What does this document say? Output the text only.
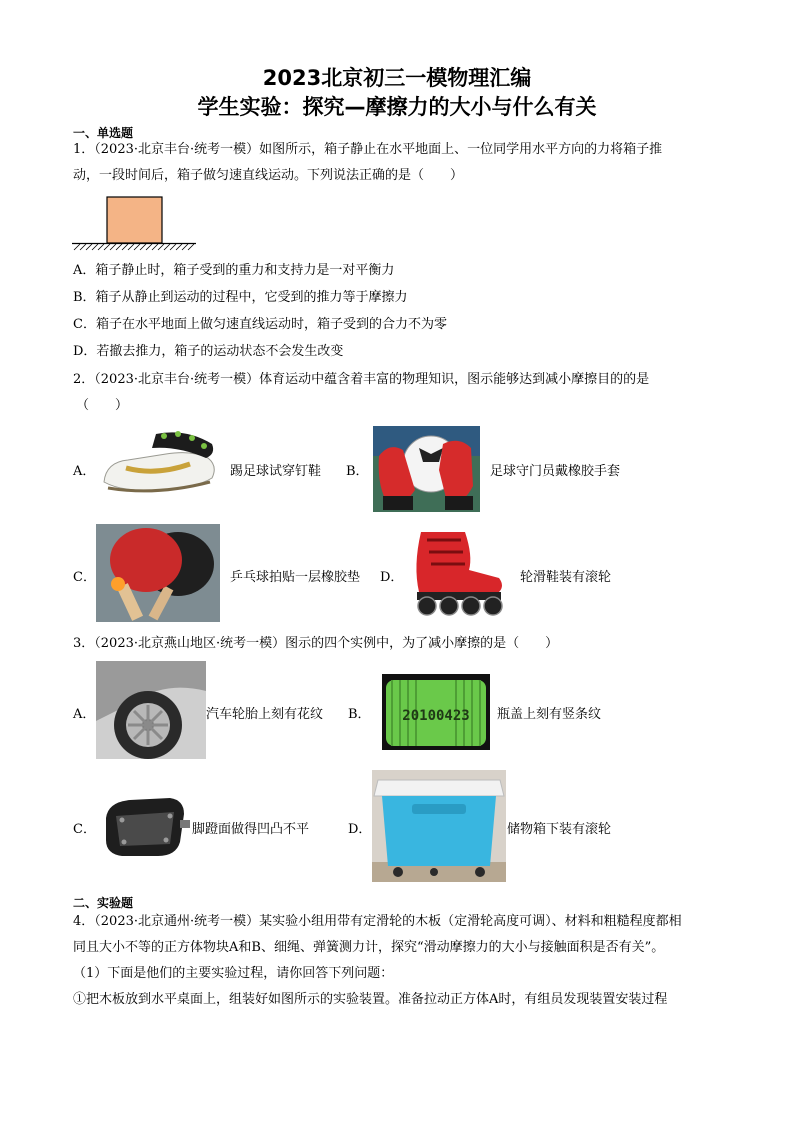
2023北京初三一模物理汇编
学生实验：探究—摩擦力的大小与什么有关
一、单选题
1．（2023·北京丰台·统考一模）如图所示，箱子静止在水平地面上、一位同学用水平方向的力将箱子推
动，一段时间后，箱子做匀速直线运动。下列说法正确的是（　　）
A．箱子静止时，箱子受到的重力和支持力是一对平衡力
B．箱子从静止到运动的过程中，它受到的推力等于摩擦力
C．箱子在水平地面上做匀速直线运动时，箱子受到的合力不为零
D．若撤去推力，箱子的运动状态不会发生改变
2．（2023·北京丰台·统考一模）体育运动中蕴含着丰富的物理知识，图示能够达到减小摩擦目的的是
（　　）
A．	踢足球试穿钉鞋 B．	足球守门员戴橡胶手套
C．	乒乓球拍贴一层橡胶垫 D．	轮滑鞋装有滚轮
3．（2023·北京燕山地区·统考一模）图示的四个实例中，为了减小摩擦的是（　　）
A．	汽车轮胎上刻有花纹 B． 20100423 瓶盖上刻有竖条纹
C．	脚蹬面做得凹凸不平	D．	储物箱下装有滚轮
二、实验题
4．（2023·北京通州·统考一模）某实验小组用带有定滑轮的木板（定滑轮高度可调）、材料和粗糙程度都相
同且大小不等的正方体物块A和B、细绳、弹簧测力计，探究“滑动摩擦力的大小与接触面积是否有关”。
（1）下面是他们的主要实验过程，请你回答下列问题：
①把木板放到水平桌面上，组装好如图所示的实验装置。准备拉动正方体A时，有组员发现装置安装过程
